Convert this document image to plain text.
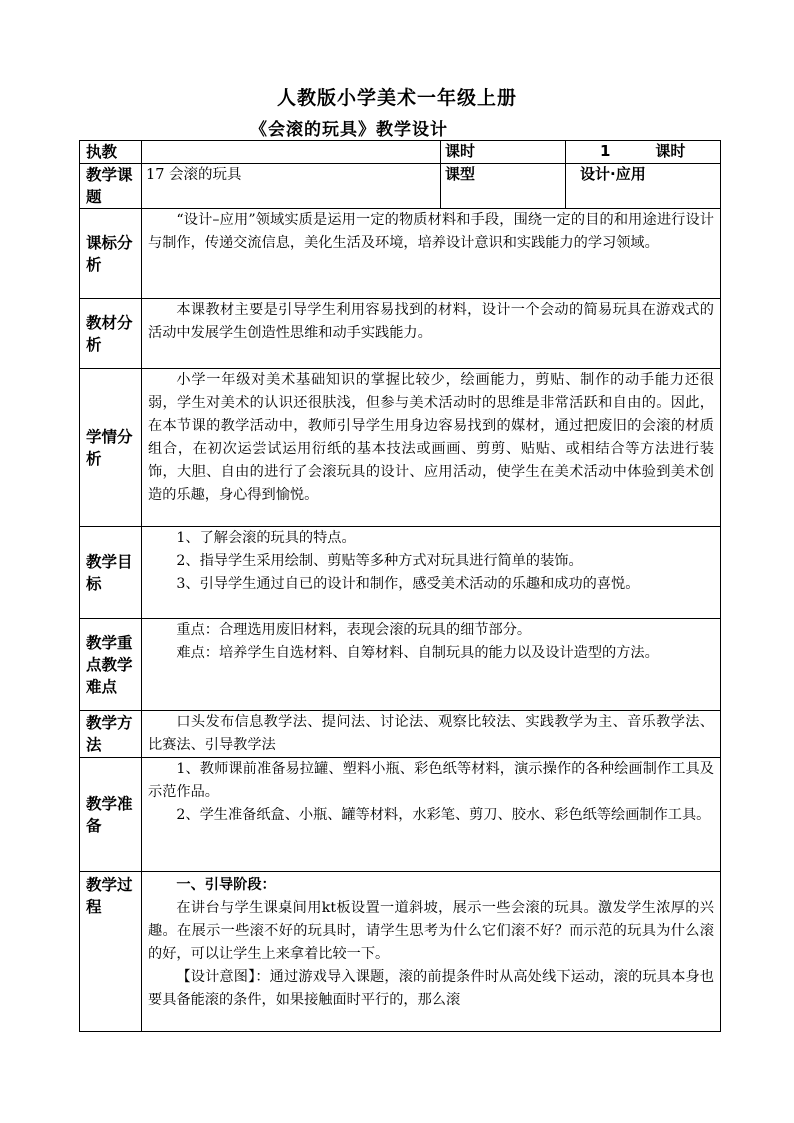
人教版小学美术一年级上册
《会滚的玩具》教学设计
执教		课时	1　　　课时
教学课题	17 会滚的玩具	课型	设计·应用
课标分析	“设计–应用”领域实质是运用一定的物质材料和手段，围绕一定的目的和用途进行设计与制作，传递交流信息，美化生活及环境，培养设计意识和实践能力的学习领域。		

教材分析	本课教材主要是引导学生利用容易找到的材料，设计一个会动的简易玩具在游戏式的活动中发展学生创造性思维和动手实践能力。		

学情分析	小学一年级对美术基础知识的掌握比较少，绘画能力，剪贴、制作的动手能力还很弱，学生对美术的认识还很肤浅，但参与美术活动时的思维是非常活跃和自由的。因此，在本节课的教学活动中，教师引导学生用身边容易找到的媒材，通过把废旧的会滚的材质组合，在初次运尝试运用衍纸的基本技法或画画、剪剪、贴贴、或相结合等方法进行装饰，大胆、自由的进行了会滚玩具的设计、应用活动，使学生在美术活动中体验到美术创造的乐趣，身心得到愉悦。		

教学目标	1、了解会滚的玩具的特点。

2、指导学生采用绘制、剪贴等多种方式对玩具进行简单的装饰。

3、引导学生通过自已的设计和制作，感受美术活动的乐趣和成功的喜悦。		

教学重点教学难点	重点：合理选用废旧材料，表现会滚的玩具的细节部分。

难点：培养学生自选材料、自筹材料、自制玩具的能力以及设计造型的方法。		

教学方法	口头发布信息教学法、提问法、讨论法、观察比较法、实践教学为主、音乐教学法、比赛法、引导教学法		

教学准备	1、教师课前准备易拉罐、塑料小瓶、彩色纸等材料，演示操作的各种绘画制作工具及示范作品。

2、学生准备纸盒、小瓶、罐等材料，水彩笔、剪刀、胶水、彩色纸等绘画制作工具。		

教学过程	一、引导阶段：

在讲台与学生课桌间用kt板设置一道斜坡，展示一些会滚的玩具。激发学生浓厚的兴趣。在展示一些滚不好的玩具时，请学生思考为什么它们滚不好？而示范的玩具为什么滚的好，可以让学生上来拿着比较一下。

【设计意图】：通过游戏导入课题，滚的前提条件时从高处线下运动，滚的玩具本身也要具备能滚的条件，如果接触面时平行的，那么滚		
